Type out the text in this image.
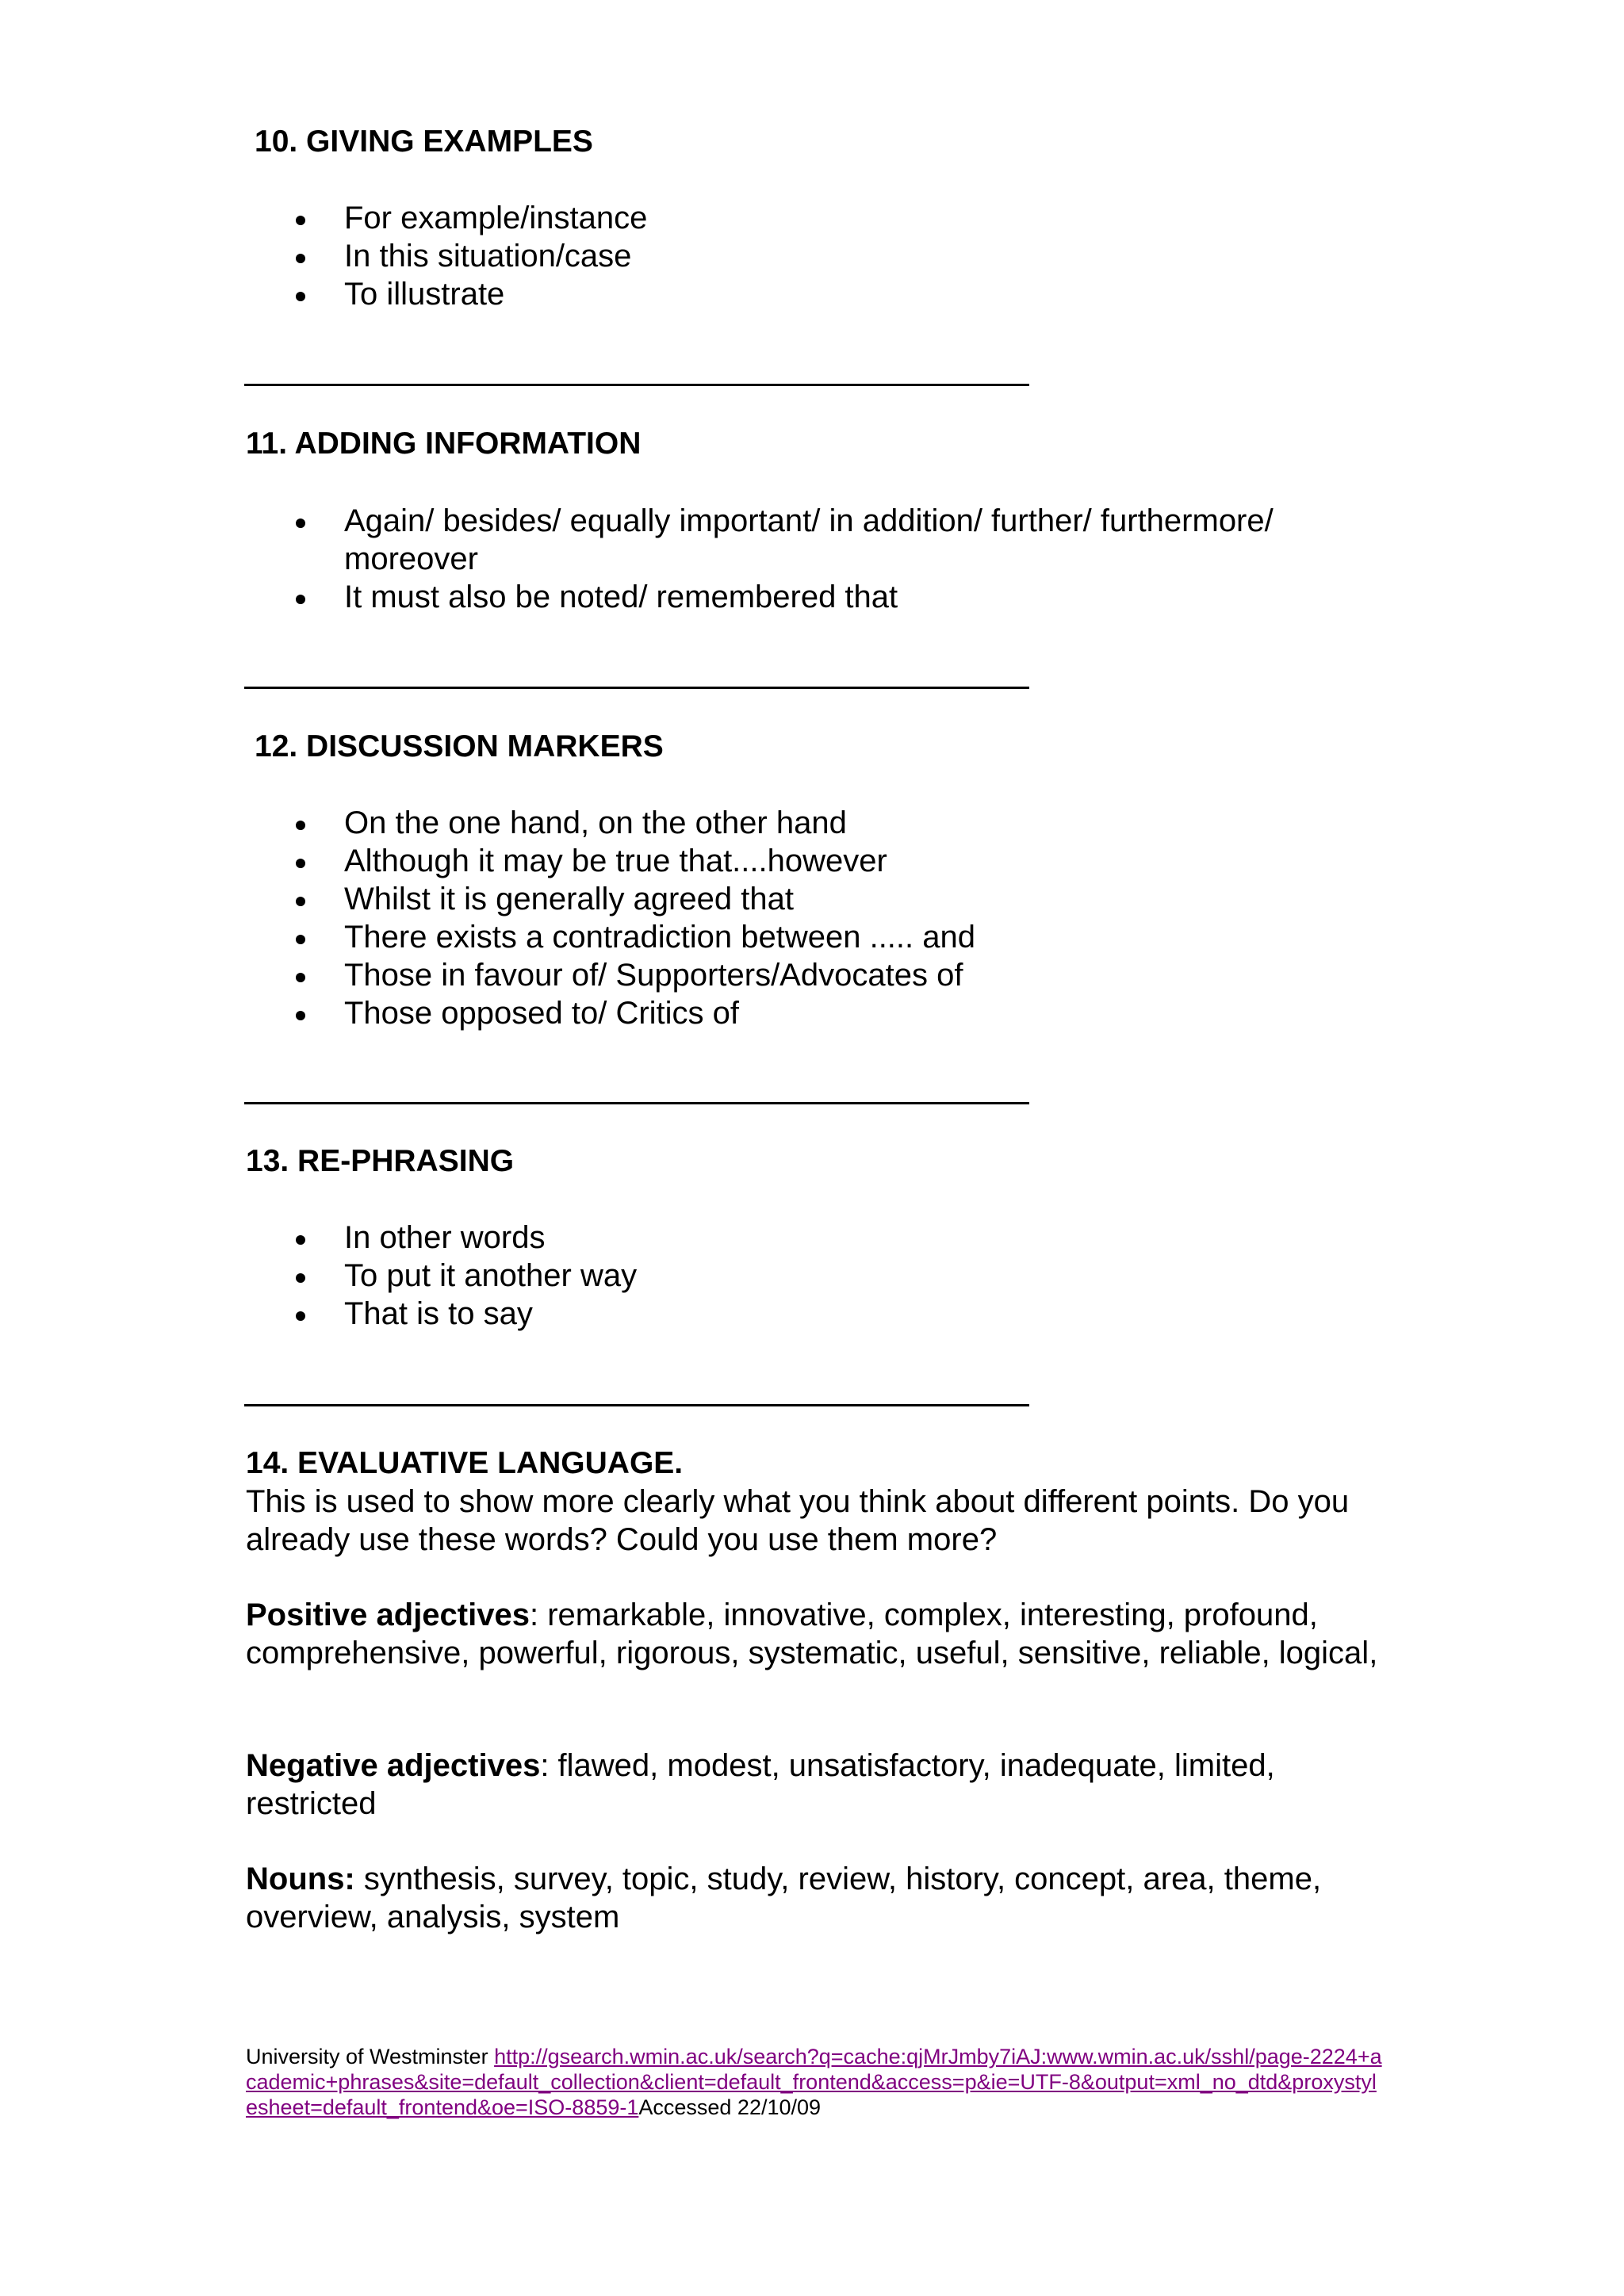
10. GIVING EXAMPLES
For example/instance
In this situation/case
To illustrate
11. ADDING INFORMATION
Again/ besides/ equally important/ in addition/ further/ furthermore/ moreover
It must also be noted/ remembered that
12. DISCUSSION MARKERS
On the one hand, on the other hand
Although it may be true that....however
Whilst it is generally agreed that
There exists a contradiction between ..... and
Those in favour of/ Supporters/Advocates of
Those opposed to/ Critics of
13. RE-PHRASING
In other words
To put it another way
That is to say
14. EVALUATIVE LANGUAGE.

This is used to show more clearly what you think about different points. Do you already use these words? Could you use them more?

Positive adjectives: remarkable, innovative, complex, interesting, profound, comprehensive, powerful, rigorous, systematic, useful, sensitive, reliable, logical,

Negative adjectives: flawed, modest, unsatisfactory, inadequate, limited, restricted

Nouns: synthesis, survey, topic, study, review, history, concept, area, theme, overview, analysis, system

University of Westminster http://gsearch.wmin.ac.uk/search?q=cache:qjMrJmby7iAJ:www.wmin.ac.uk/sshl/page-2224+academic+phrases&site=default_collection&client=default_frontend&access=p&ie=UTF-8&output=xml_no_dtd&proxystylesheet=default_frontend&oe=ISO-8859-1Accessed 22/10/09
